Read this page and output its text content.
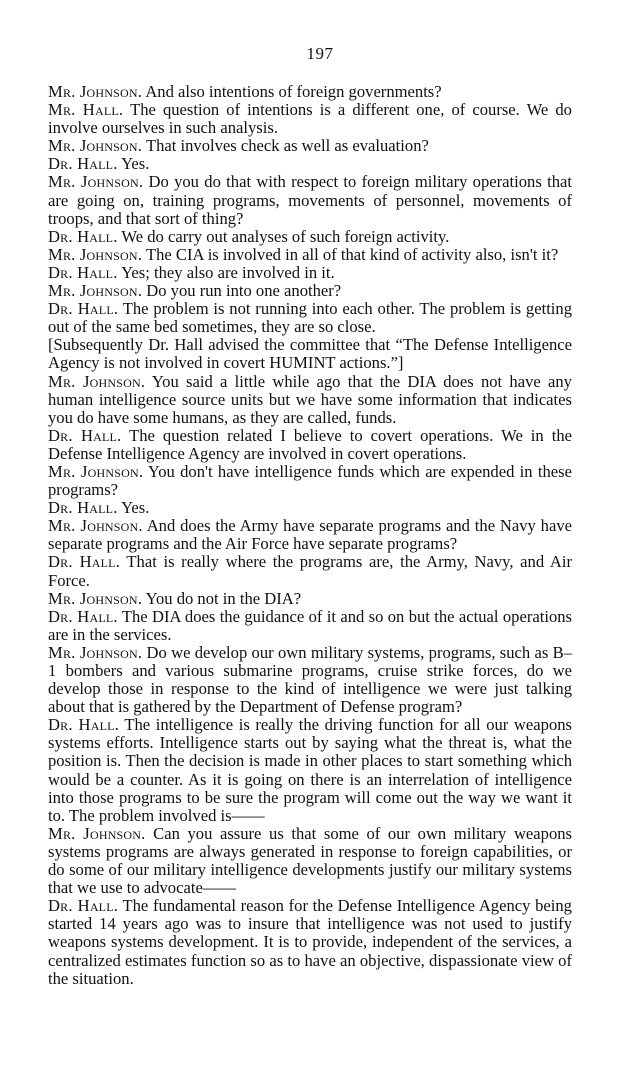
197

Mr. Johnson. And also intentions of foreign governments?

Mr. Hall. The question of intentions is a different one, of course. We do involve ourselves in such analysis.

Mr. Johnson. That involves check as well as evaluation?

Dr. Hall. Yes.

Mr. Johnson. Do you do that with respect to foreign military operations that are going on, training programs, movements of personnel, movements of troops, and that sort of thing?

Dr. Hall. We do carry out analyses of such foreign activity.

Mr. Johnson. The CIA is involved in all of that kind of activity also, isn't it?

Dr. Hall. Yes; they also are involved in it.

Mr. Johnson. Do you run into one another?

Dr. Hall. The problem is not running into each other. The problem is getting out of the same bed sometimes, they are so close.

[Subsequently Dr. Hall advised the committee that “The Defense Intelligence Agency is not involved in covert HUMINT actions.”]

Mr. Johnson. You said a little while ago that the DIA does not have any human intelligence source units but we have some information that indicates you do have some humans, as they are called, funds.

Dr. Hall. The question related I believe to covert operations. We in the Defense Intelligence Agency are involved in covert operations.

Mr. Johnson. You don't have intelligence funds which are expended in these programs?

Dr. Hall. Yes.

Mr. Johnson. And does the Army have separate programs and the Navy have separate programs and the Air Force have separate programs?

Dr. Hall. That is really where the programs are, the Army, Navy, and Air Force.

Mr. Johnson. You do not in the DIA?

Dr. Hall. The DIA does the guidance of it and so on but the actual operations are in the services.

Mr. Johnson. Do we develop our own military systems, programs, such as B–1 bombers and various submarine programs, cruise strike forces, do we develop those in response to the kind of intelligence we were just talking about that is gathered by the Department of Defense program?

Dr. Hall. The intelligence is really the driving function for all our weapons systems efforts. Intelligence starts out by saying what the threat is, what the position is. Then the decision is made in other places to start something which would be a counter. As it is going on there is an interrelation of intelligence into those programs to be sure the program will come out the way we want it to. The problem involved is——

Mr. Johnson. Can you assure us that some of our own military weapons systems programs are always generated in response to foreign capabilities, or do some of our military intelligence developments justify our military systems that we use to advocate——

Dr. Hall. The fundamental reason for the Defense Intelligence Agency being started 14 years ago was to insure that intelligence was not used to justify weapons systems development. It is to provide, independent of the services, a centralized estimates function so as to have an objective, dispassionate view of the situation.
